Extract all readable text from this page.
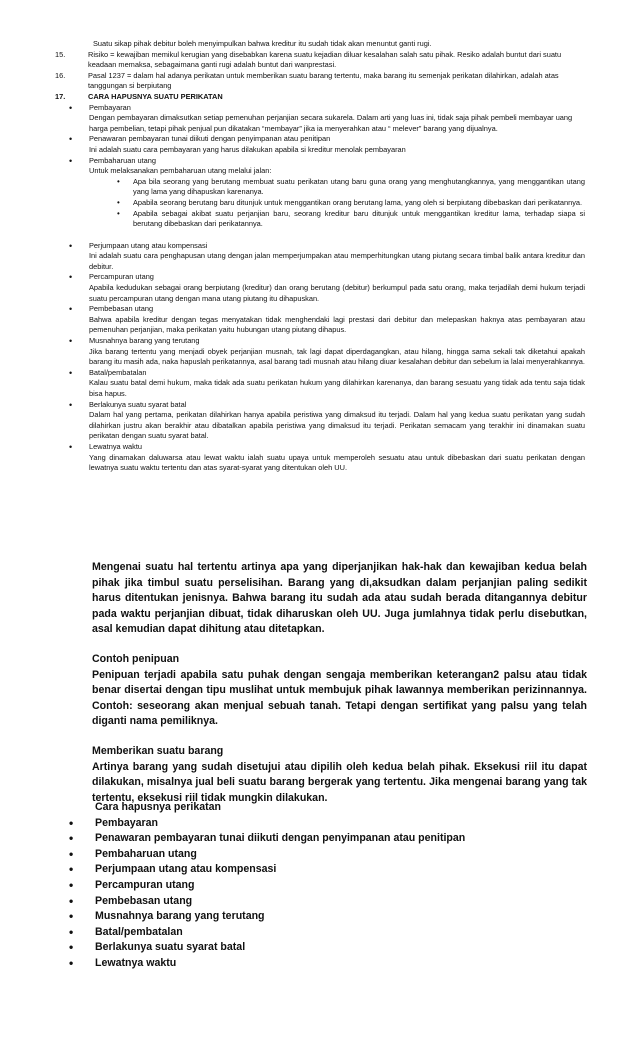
Suatu sikap pihak debitur boleh menyimpulkan bahwa kreditur itu sudah tidak akan menuntut ganti rugi.

15.	Risiko = kewajiban memikul kerugian yang disebabkan karena suatu kejadian diluar kesalahan salah satu pihak. Resiko adalah buntut dari suatu keadaan memaksa, sebagaimana ganti rugi adalah buntut dari wanprestasi.
16.	Pasal 1237 = dalam hal adanya perikatan untuk memberikan suatu barang tertentu, maka barang itu semenjak perikatan dilahirkan, adalah atas tanggungan si berpiutang
17.	CARA HAPUSNYA SUATU PERIKATAN
• Pembayaran

Dengan pembayaran dimaksutkan setiap pemenuhan perjanjian secara sukarela. Dalam arti yang luas ini, tidak saja pihak pembeli membayar uang harga pembelian, tetapi pihak penjual pun dikatakan “membayar” jika ia menyerahkan atau “ melever” barang yang dijualnya.

• Penawaran pembayaran tunai diikuti dengan penyimpanan atau penitipan

Ini adalah suatu cara pembayaran yang harus dilakukan apabila si kreditur menolak pembayaran

• Pembaharuan utang

Untuk melaksanakan pembaharuan utang melalui jalan:

• Apa bila seorang yang berutang membuat suatu perikatan utang baru guna orang yang menghutangkannya, yang menggantikan utang yang lama yang dihapuskan karenanya.

• Apabila seorang berutang baru ditunjuk untuk menggantikan orang berutang lama, yang oleh si berpiutang dibebaskan dari perikatannya.

• Apabila sebagai akibat suatu perjanjian baru, seorang kreditur baru ditunjuk untuk menggantikan kreditur lama, terhadap siapa si berutang dibebaskan dari perikatannya.

• Perjumpaan utang atau kompensasi

Ini adalah suatu cara penghapusan utang dengan jalan memperjumpakan atau memperhitungkan utang piutang secara timbal balik antara kreditur dan debitur.

• Percampuran utang

Apabila kedudukan sebagai orang berpiutang (kreditur) dan orang berutang (debitur) berkumpul pada satu orang, maka terjadilah demi hukum terjadi suatu percampuran utang dengan mana utang piutang itu dihapuskan.

• Pembebasan utang

Bahwa apabila kreditur dengan tegas menyatakan tidak menghendaki lagi prestasi dari debitur dan melepaskan haknya atas pembayaran atau pemenuhan perjanjian, maka perikatan yaitu hubungan utang piutang dihapus.

• Musnahnya barang yang terutang

Jika barang tertentu yang menjadi obyek perjanjian musnah, tak lagi dapat diperdagangkan, atau hilang, hingga sama sekali tak diketahui apakah barang itu masih ada, naka hapuslah perikatannya, asal barang tadi musnah atau hilang diuar kesalahan debitur dan sebelum ia lalai menyerahkannya.

• Batal/pembatalan

Kalau suatu batal demi hukum, maka tidak ada suatu perikatan hukum yang dilahirkan karenanya, dan barang sesuatu yang tidak ada tentu saja tidak bisa hapus.

• Berlakunya suatu syarat batal

Dalam hal yang pertama, perikatan dilahirkan hanya apabila peristiwa yang dimaksud itu terjadi. Dalam hal yang kedua suatu perikatan yang sudah dilahirkan justru akan berakhir atau dibatalkan apabila peristiwa yang dimaksud itu terjadi. Perikatan semacam yang terakhir ini dinamakan suatu perikatan dengan suatu syarat batal.

• Lewatnya waktu

Yang dinamakan daluwarsa atau lewat waktu ialah suatu upaya untuk memperoleh sesuatu atau untuk dibebaskan dari suatu perikatan dengan lewatnya suatu waktu tertentu dan atas syarat-syarat yang ditentukan oleh UU.

Mengenai suatu hal tertentu artinya apa yang diperjanjikan hak-hak dan kewajiban kedua belah pihak jika timbul suatu perselisihan. Barang yang di,aksudkan dalam perjanjian paling sedikit harus ditentukan jenisnya. Bahwa barang itu sudah ada atau sudah berada ditangannya debitur pada waktu perjanjian dibuat, tidak diharuskan oleh UU. Juga jumlahnya tidak perlu disebutkan, asal kemudian dapat dihitung atau ditetapkan.

Contoh penipuan

Penipuan terjadi apabila satu puhak dengan sengaja memberikan keterangan2 palsu atau tidak benar disertai dengan tipu muslihat untuk membujuk pihak lawannya memberikan perizinnannya. Contoh: seseorang akan menjual sebuah tanah. Tetapi dengan sertifikat yang palsu yang telah diganti nama pemiliknya.

Memberikan suatu barang

Artinya barang yang sudah disetujui atau dipilih oleh kedua belah pihak. Eksekusi riil itu dapat dilakukan, misalnya jual beli suatu barang bergerak yang tertentu. Jika mengenai barang yang tak tertentu, eksekusi riil tidak mungkin dilakukan.

Cara hapusnya perikatan

• Pembayaran
• Penawaran pembayaran tunai diikuti dengan penyimpanan atau penitipan
• Pembaharuan utang
• Perjumpaan utang atau kompensasi
• Percampuran utang
• Pembebasan utang
• Musnahnya barang yang terutang
• Batal/pembatalan
• Berlakunya suatu syarat batal
• Lewatnya waktu
